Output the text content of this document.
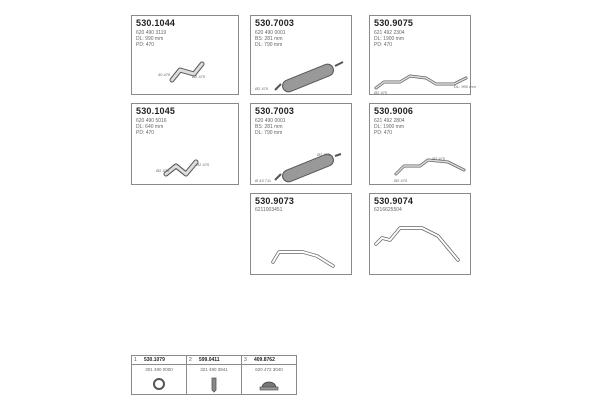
530.1044
620 490 3119
DL: 990 mm
PD: 470
40 470	Ø2 470
530.7003
620 490 0001
BS: 281 mm
DL: 790 mm
Ø2 470
530.9075
621 492 2304
DL: 1900 mm
PD: 470
DL: 990 mm
Ø2 470
530.1045
620 490 5016
DL: 640 mm
PD: 470
Ø2 470
Ø2 470
530.7003
620 490 0001
BS: 281 mm
DL: 790 mm
Ø2 470
Ø 43 711
530.9006
621 492 2804
DL: 1900 mm
PD: 470
Ø2 470
Ø2 470
530.9073
6211003451
530.9074
6216625504
1 530.1079
301 490 0000
2 599.0411
321 490 3941
3 409.8762
620 472 3040
